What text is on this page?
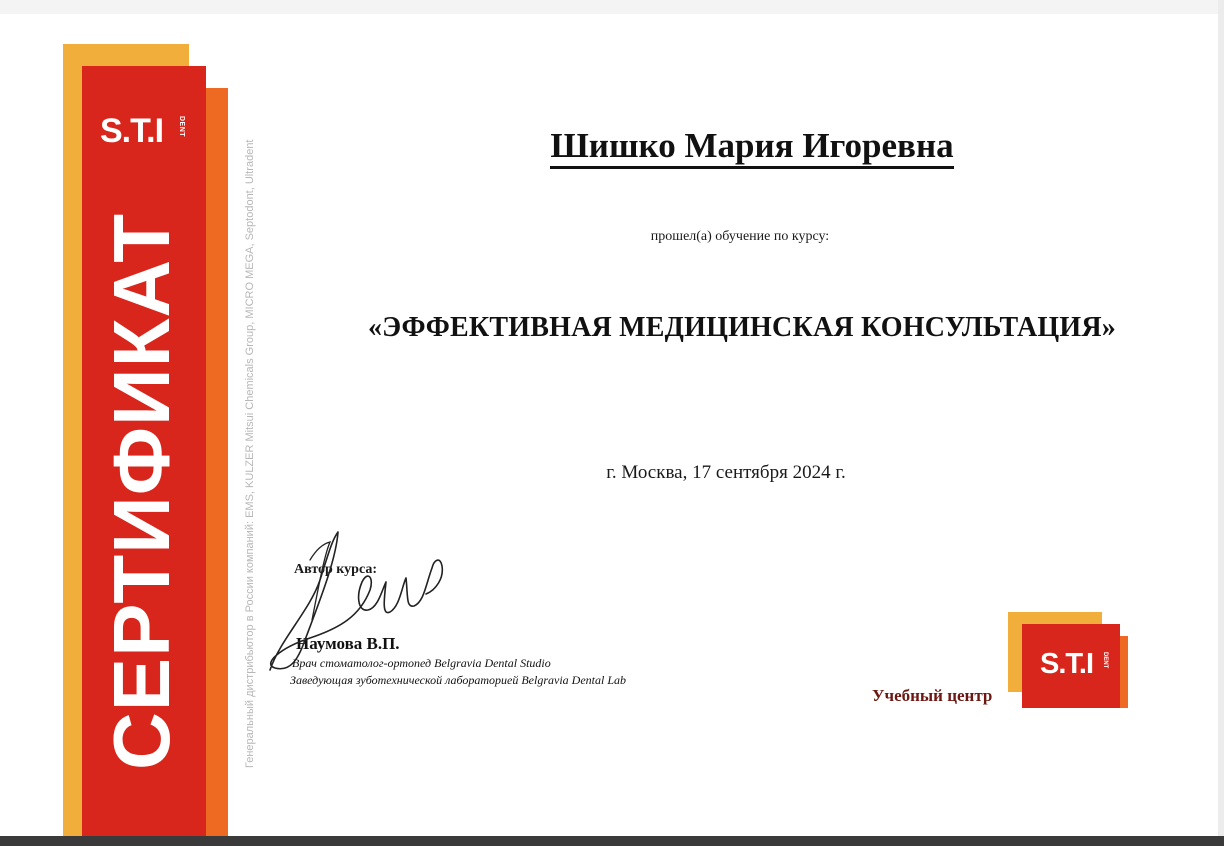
S.T.I DENT
СЕРТИФИКАТ	Генеральный дистрибьютор в России компаний: EMS, KULZER Mitsui Chemicals Group, MICRO MEGA, Septodont, Ultradent	Шишко Мария Игоревна
прошел(а) обучение по курсу:
«ЭФФЕКТИВНАЯ МЕДИЦИНСКАЯ КОНСУЛЬТАЦИЯ»
г. Москва, 17 сентября 2024 г.
Автор курса:
Наумова В.П.
Врач стоматолог-ортопед Belgravia Dental Studio
Заведующая зуботехнической лабораторией Belgravia Dental Lab
Учебный центр
S.T.I DENT
